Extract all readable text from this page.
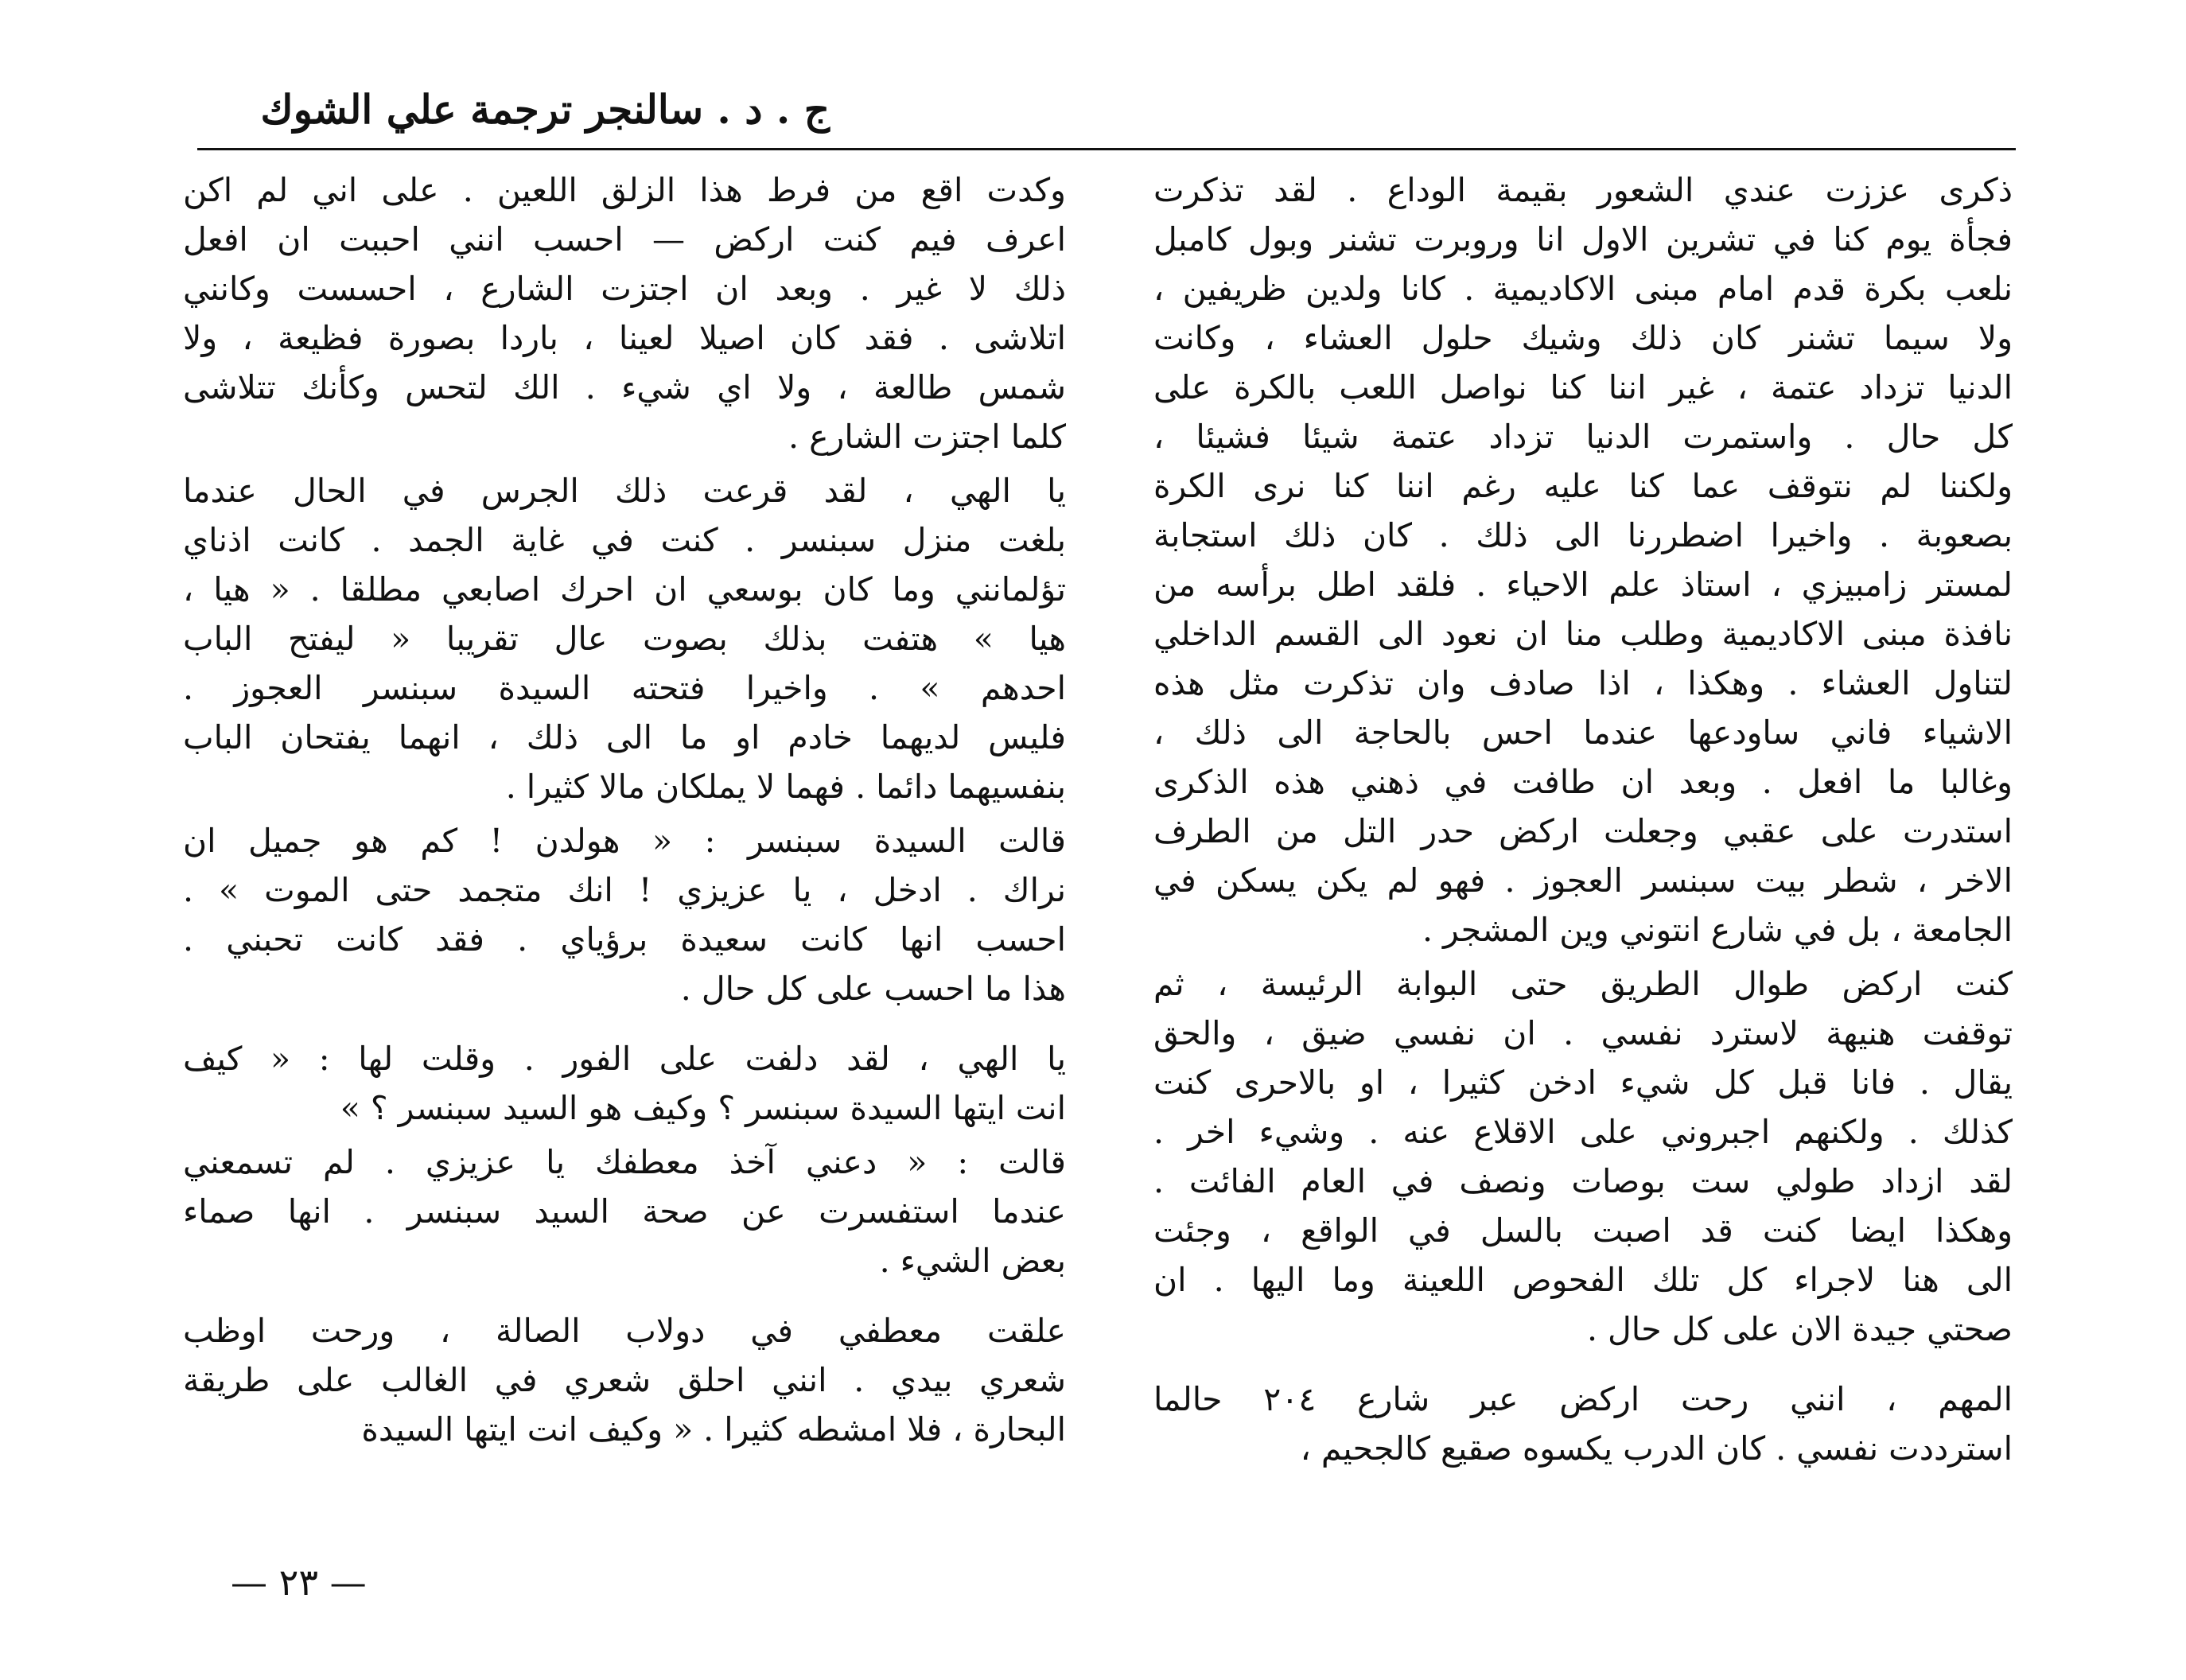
ج . د . سالنجر ترجمة علي الشوك

ذكرى عززت عندي الشعور بقيمة الوداع . لقد تذكرت
فجأة يوم كنا في تشرين الاول انا وروبرت تشنر وبول كامبل
نلعب بكرة قدم امام مبنى الاكاديمية . كانا ولدين ظريفين ،
ولا سيما تشنر كان ذلك وشيك حلول العشاء ، وكانت
الدنيا تزداد عتمة ، غير اننا كنا نواصل اللعب بالكرة على
كل حال . واستمرت الدنيا تزداد عتمة شيئا فشيئا ،
ولكننا لم نتوقف عما كنا عليه رغم اننا كنا نرى الكرة
بصعوبة . واخيرا اضطررنا الى ذلك . كان ذلك استجابة
لمستر زامبيزي ، استاذ علم الاحياء . فلقد اطل برأسه من
نافذة مبنى الاكاديمية وطلب منا ان نعود الى القسم الداخلي
لتناول العشاء . وهكذا ، اذا صادف وان تذكرت مثل هذه
الاشياء فاني ساودعها عندما احس بالحاجة الى ذلك ،
وغالبا ما افعل . وبعد ان طافت في ذهني هذه الذكرى
استدرت على عقبي وجعلت اركض حدر التل من الطرف
الاخر ، شطر بيت سبنسر العجوز . فهو لم يكن يسكن في
الجامعة ، بل في شارع انتوني وين المشجر .

كنت اركض طوال الطريق حتى البوابة الرئيسة ، ثم
توقفت هنيهة لاسترد نفسي . ان نفسي ضيق ، والحق
يقال . فانا قبل كل شيء ادخن كثيرا ، او بالاحرى كنت
كذلك . ولكنهم اجبروني على الاقلاع عنه . وشيء اخر .
لقد ازداد طولي ست بوصات ونصف في العام الفائت .
وهكذا ايضا كنت قد اصبت بالسل في الواقع ، وجئت
الى هنا لاجراء كل تلك الفحوص اللعينة وما اليها . ان
صحتي جيدة الان على كل حال .

المهم ، انني رحت اركض عبر شارع ٢٠٤ حالما
استرددت نفسي . كان الدرب يكسوه صقيع كالجحيم ،

وكدت اقع من فرط هذا الزلق اللعين . على اني لم اكن
اعرف فيم كنت اركض — احسب انني احببت ان افعل
ذلك لا غير . وبعد ان اجتزت الشارع ، احسست وكانني
اتلاشى . فقد كان اصيلا لعينا ، باردا بصورة فظيعة ، ولا
شمس طالعة ، ولا اي شيء . الك لتحس وكأنك تتلاشى
كلما اجتزت الشارع .

يا الهي ، لقد قرعت ذلك الجرس في الحال عندما
بلغت منزل سبنسر . كنت في غاية الجمد . كانت اذناي
تؤلمانني وما كان بوسعي ان احرك اصابعي مطلقا . « هيا ،
هيا » هتفت بذلك بصوت عال تقريبا « ليفتح الباب
احدهم » . واخيرا فتحته السيدة سبنسر العجوز .
فليس لديهما خادم او ما الى ذلك ، انهما يفتحان الباب
بنفسيهما دائما . فهما لا يملكان مالا كثيرا .

قالت السيدة سبنسر : « هولدن ! كم هو جميل ان
نراك . ادخل ، يا عزيزي ! انك متجمد حتى الموت » .
احسب انها كانت سعيدة برؤياي . فقد كانت تحبني .
هذا ما احسب على كل حال .

يا الهي ، لقد دلفت على الفور . وقلت لها : « كيف
انت ايتها السيدة سبنسر ؟ وكيف هو السيد سبنسر ؟ »

قالت : « دعني آخذ معطفك يا عزيزي . لم تسمعني
عندما استفسرت عن صحة السيد سبنسر . انها صماء
بعض الشيء .

علقت معطفي في دولاب الصالة ، ورحت اوظب
شعري بيدي . انني احلق شعري في الغالب على طريقة
البحارة ، فلا امشطه كثيرا . « وكيف انت ايتها السيدة

— ٢٣ —
